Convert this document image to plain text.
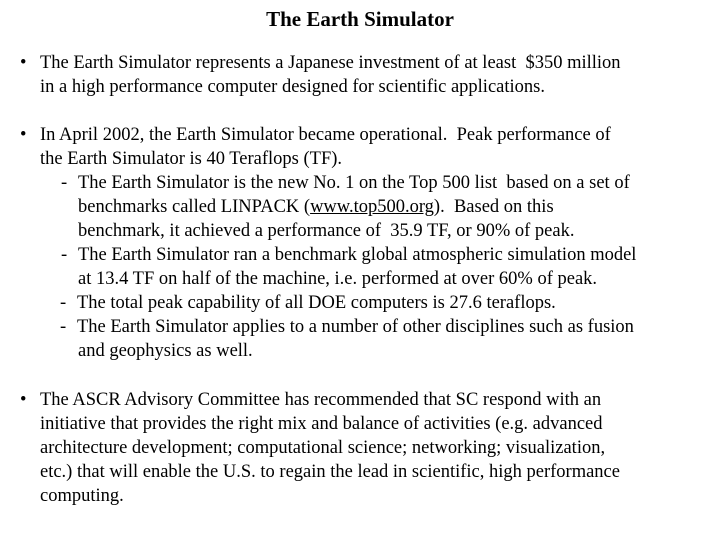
The Earth Simulator
• The Earth Simulator represents a Japanese investment of at least  $350 million
in a high performance computer designed for scientific applications.
• In April 2002, the Earth Simulator became operational.  Peak performance of
the Earth Simulator is 40 Teraflops (TF).
- The Earth Simulator is the new No. 1 on the Top 500 list  based on a set of
benchmarks called LINPACK (www.top500.org).  Based on this
benchmark, it achieved a performance of  35.9 TF, or 90% of peak.
- The Earth Simulator ran a benchmark global atmospheric simulation model
at 13.4 TF on half of the machine, i.e. performed at over 60% of peak.
- The total peak capability of all DOE computers is 27.6 teraflops.
- The Earth Simulator applies to a number of other disciplines such as fusion
and geophysics as well.
• The ASCR Advisory Committee has recommended that SC respond with an
initiative that provides the right mix and balance of activities (e.g. advanced
architecture development; computational science; networking; visualization,
etc.) that will enable the U.S. to regain the lead in scientific, high performance
computing.
